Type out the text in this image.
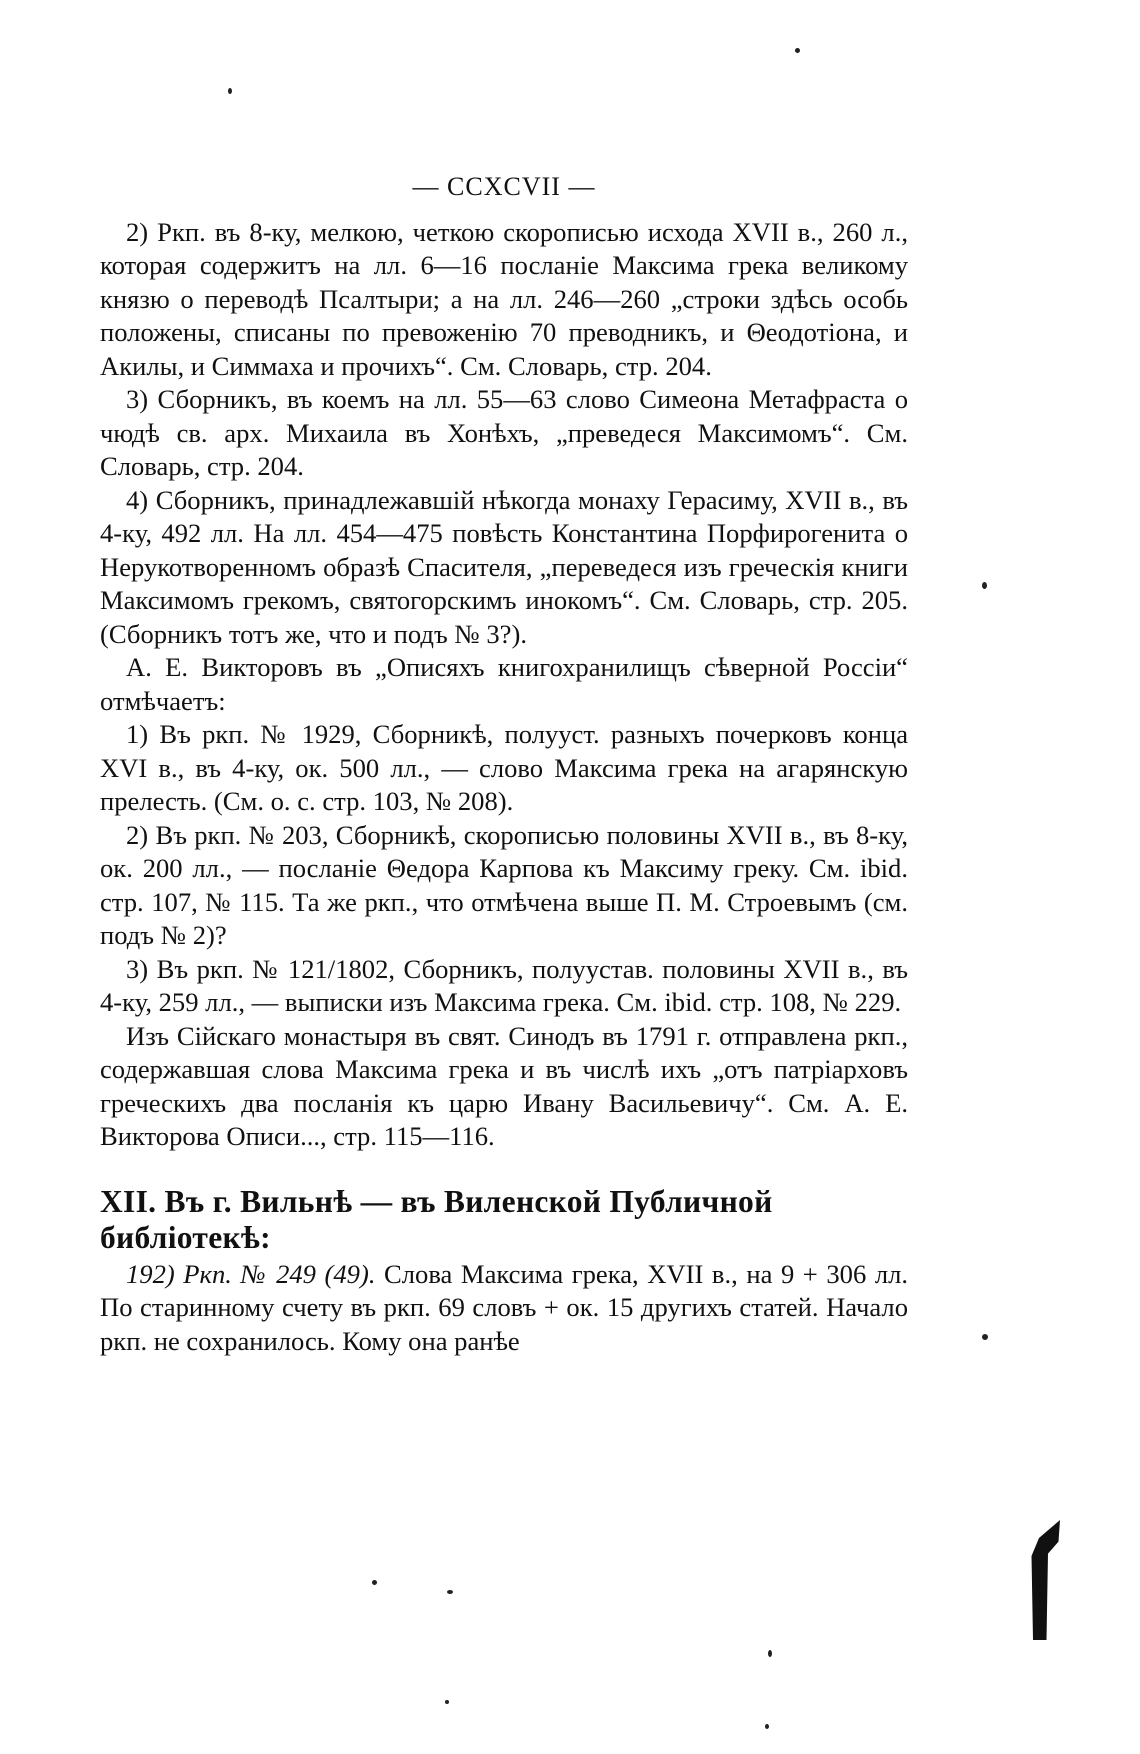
— CCXCVII —

2) Ркп. въ 8-ку, мелкою, четкою скорописью исхода XVII в., 260 л., которая содержитъ на лл. 6—16 посланіе Максима грека великому князю о переводѣ Псалтыри; а на лл. 246—260 „строки здѣсь особь положены, списаны по превоженію 70 преводникъ, и Θеодотіона, и Акилы, и Симмаха и прочихъ“. См. Словарь, стр. 204.

3) Сборникъ, въ коемъ на лл. 55—63 слово Симеона Метафраста о чюдѣ св. арх. Михаила въ Хонѣхъ, „преведеся Максимомъ“. См. Словарь, стр. 204.

4) Сборникъ, принадлежавшій нѣкогда монаху Герасиму, XVII в., въ 4-ку, 492 лл. На лл. 454—475 повѣсть Константина Порфирогенита о Нерукотворенномъ образѣ Спасителя, „переведеся изъ греческія книги Максимомъ грекомъ, святогорскимъ инокомъ“. См. Словарь, стр. 205. (Сборникъ тотъ же, что и подъ № 3?).

А. Е. Викторовъ въ „Описяхъ книгохранилищъ сѣверной Россіи“ отмѣчаетъ:

1) Въ ркп. № 1929, Сборникѣ, полууст. разныхъ почерковъ конца XVI в., въ 4-ку, ок. 500 лл., — слово Максима грека на агарянскую прелесть. (См. о. с. стр. 103, № 208).

2) Въ ркп. № 203, Сборникѣ, скорописью половины XVII в., въ 8-ку, ок. 200 лл., — посланіе Θедора Карпова къ Максиму греку. См. ibid. стр. 107, № 115. Та же ркп., что отмѣчена выше П. М. Строевымъ (см. подъ № 2)?

3) Въ ркп. № 121/1802, Сборникъ, полуустав. половины XVII в., въ 4-ку, 259 лл., — выписки изъ Максима грека. См. ibid. стр. 108, № 229.

Изъ Сійскаго монастыря въ свят. Синодъ въ 1791 г. отправлена ркп., содержавшая слова Максима грека и въ числѣ ихъ „отъ патріарховъ греческихъ два посланія къ царю Ивану Васильевичу“. См. А. Е. Викторова Описи..., стр. 115—116.

XII. Въ г. Вильнѣ — въ Виленской Публичной библіотекѣ:

192) Ркп. № 249 (49). Слова Максима грека, XVII в., на 9 + 306 лл. По старинному счету въ ркп. 69 словъ + ок. 15 другихъ статей. Начало ркп. не сохранилось. Кому она ранѣе
